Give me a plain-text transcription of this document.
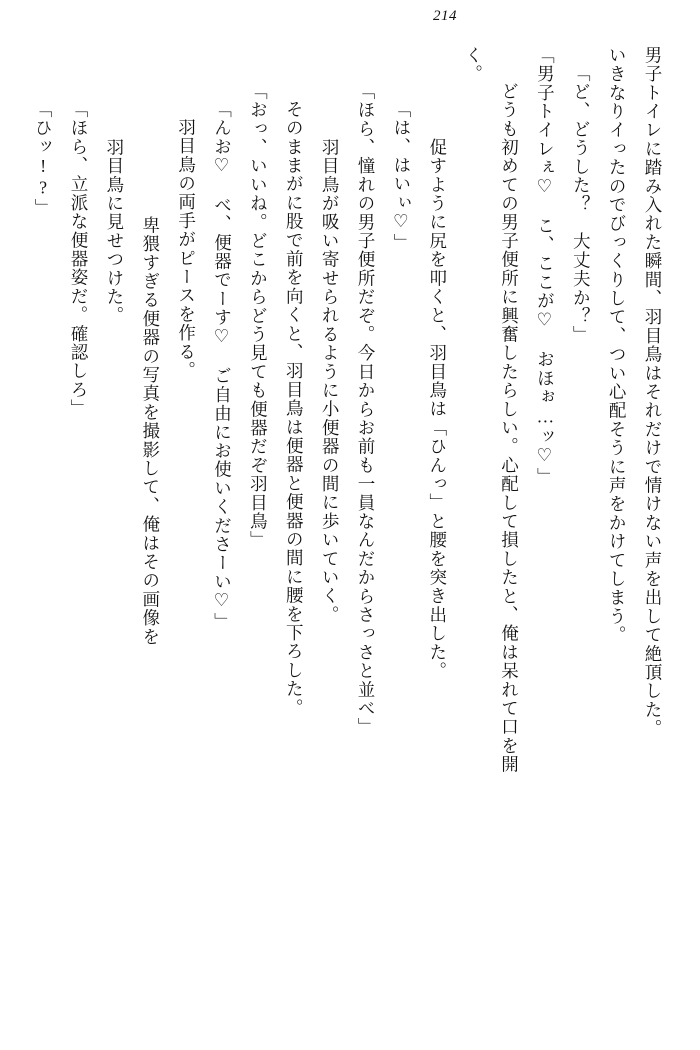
214
男子トイレに踏み入れた瞬間、羽目鳥はそれだけで情けない声を出して絶頂した。
いきなりイったのでびっくりして、つい心配そうに声をかけてしまう。
「ど、どうした？　大丈夫か？」
「男子トイレぇ♡　こ、ここが♡　おほぉ…ッ♡」
どうも初めての男子便所に興奮したらしい。心配して損したと、俺は呆れて口を開
く。
促すように尻を叩くと、羽目鳥は「ひんっ」と腰を突き出した。
「は、はいぃ♡」
「ほら、憧れの男子便所だぞ。今日からお前も一員なんだからさっさと並べ」
羽目鳥が吸い寄せられるように小便器の間に歩いていく。
そのままがに股で前を向くと、羽目鳥は便器と便器の間に腰を下ろした。
「おっ、いいね。どこからどう見ても便器だぞ羽目鳥」
「んお♡　べ、便器でーす♡　ご自由にお使いくださーい♡」
羽目鳥の両手がピースを作る。
卑猥すぎる便器の写真を撮影して、俺はその画像を
羽目鳥に見せつけた。
「ほら、立派な便器姿だ。確認しろ」
「ひッ!?」
